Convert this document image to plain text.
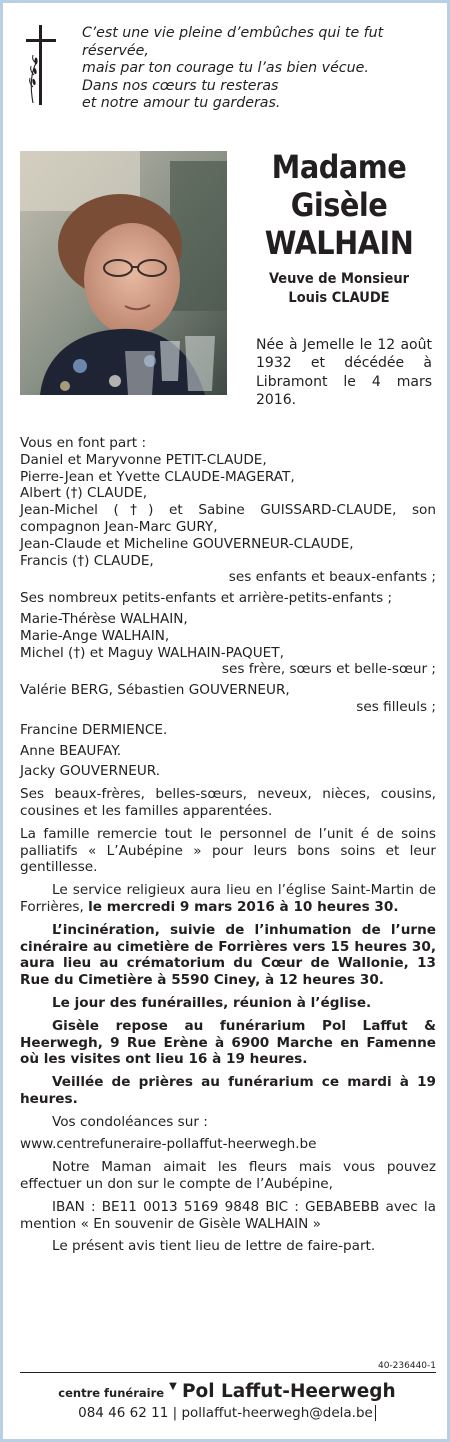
C’est une vie pleine d’embûches qui te fut
réservée,
mais par ton courage tu l’as bien vécue.
Dans nos cœurs tu resteras
et notre amour tu garderas.
Madame
Gisèle
WALHAIN
Veuve de Monsieur
Louis CLAUDE
Née à Jemelle le 12 août 1932 et décédée à Libramont le 4 mars 2016.

Vous en font part :

Daniel et Maryvonne PETIT-CLAUDE,

Pierre-Jean et Yvette CLAUDE-MAGERAT,

Albert (†) CLAUDE,

Jean-Michel (†) et Sabine GUISSARD-CLAUDE, son compagnon Jean-Marc GURY,

Jean-Claude et Micheline GOUVERNEUR-CLAUDE,

Francis (†) CLAUDE,

ses enfants et beaux-enfants ;

Ses nombreux petits-enfants et arrière-petits-enfants ;

Marie-Thérèse WALHAIN,

Marie-Ange WALHAIN,

Michel (†) et Maguy WALHAIN-PAQUET,

ses frère, sœurs et belle-sœur ;

Valérie BERG, Sébastien GOUVERNEUR,

ses filleuls ;

Francine DERMIENCE.

Anne BEAUFAY.

Jacky GOUVERNEUR.

Ses beaux-frères, belles-sœurs, neveux, nièces, cousins, cousines et les familles apparentées.

La famille remercie tout le personnel de l’unit é de soins palliatifs « L’Aubépine » pour leurs bons soins et leur gentillesse.

Le service religieux aura lieu en l’église Saint-Martin de Forrières, le mercredi 9 mars 2016 à 10 heures 30.

L’incinération, suivie de l’inhumation de l’urne cinéraire au cimetière de Forrières vers 15 heures 30, aura lieu au crématorium du Cœur de Wallonie, 13 Rue du Cimetière à 5590 Ciney, à 12 heures 30.

Le jour des funérailles, réunion à l’église.

Gisèle repose au funérarium Pol Laffut & Heerwegh, 9 Rue Erène à 6900 Marche en Famenne où les visites ont lieu 16 à 19 heures.

Veillée de prières au funérarium ce mardi à 19 heures.

Vos condoléances sur :

www.centrefuneraire-pollaffut-heerwegh.be

Notre Maman aimait les fleurs mais vous pouvez effectuer un don sur le compte de l’Aubépine,

IBAN : BE11 0013 5169 9848 BIC : GEBABEBB avec la mention « En souvenir de Gisèle WALHAIN »

Le présent avis tient lieu de lettre de faire-part.

40-236440-1
centre funéraire ▼ Pol Laffut-Heerwegh
084 46 62 11 | pollaffut-heerwegh@dela.be
